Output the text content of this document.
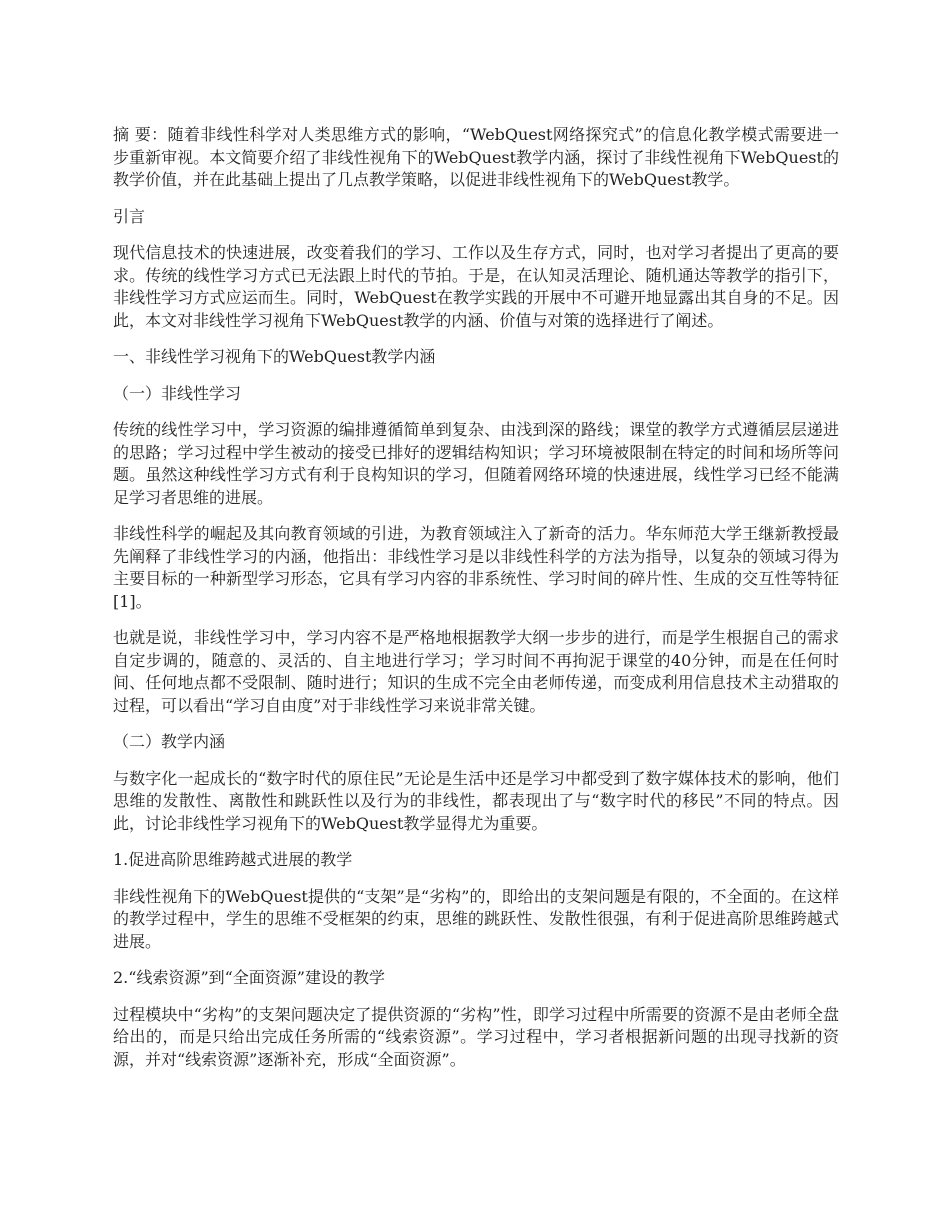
摘 要：随着非线性科学对人类思维方式的影响，“WebQuest网络探究式”的信息化教学模式需要进一步重新审视。本文简要介绍了非线性视角下的WebQuest教学内涵，探讨了非线性视角下WebQuest的教学价值，并在此基础上提出了几点教学策略，以促进非线性视角下的WebQuest教学。

引言

现代信息技术的快速进展，改变着我们的学习、工作以及生存方式，同时，也对学习者提出了更高的要求。传统的线性学习方式已无法跟上时代的节拍。于是，在认知灵活理论、随机通达等教学的指引下，非线性学习方式应运而生。同时，WebQuest在教学实践的开展中不可避开地显露出其自身的不足。因此，本文对非线性学习视角下WebQuest教学的内涵、价值与对策的选择进行了阐述。

一、非线性学习视角下的WebQuest教学内涵

（一）非线性学习

传统的线性学习中，学习资源的编排遵循简单到复杂、由浅到深的路线；课堂的教学方式遵循层层递进的思路；学习过程中学生被动的接受已排好的逻辑结构知识；学习环境被限制在特定的时间和场所等问题。虽然这种线性学习方式有利于良构知识的学习，但随着网络环境的快速进展，线性学习已经不能满足学习者思维的进展。

非线性科学的崛起及其向教育领域的引进，为教育领域注入了新奇的活力。华东师范大学王继新教授最先阐释了非线性学习的内涵，他指出：非线性学习是以非线性科学的方法为指导，以复杂的领域习得为主要目标的一种新型学习形态，它具有学习内容的非系统性、学习时间的碎片性、生成的交互性等特征[1]。

也就是说，非线性学习中，学习内容不是严格地根据教学大纲一步步的进行，而是学生根据自己的需求自定步调的，随意的、灵活的、自主地进行学习；学习时间不再拘泥于课堂的40分钟，而是在任何时间、任何地点都不受限制、随时进行；知识的生成不完全由老师传递，而变成利用信息技术主动猎取的过程，可以看出“学习自由度”对于非线性学习来说非常关键。

（二）教学内涵

与数字化一起成长的“数字时代的原住民”无论是生活中还是学习中都受到了数字媒体技术的影响，他们思维的发散性、离散性和跳跃性以及行为的非线性，都表现出了与“数字时代的移民”不同的特点。因此，讨论非线性学习视角下的WebQuest教学显得尤为重要。

1.促进高阶思维跨越式进展的教学

非线性视角下的WebQuest提供的“支架”是“劣构”的，即给出的支架问题是有限的，不全面的。在这样的教学过程中，学生的思维不受框架的约束，思维的跳跃性、发散性很强，有利于促进高阶思维跨越式进展。

2.“线索资源”到“全面资源”建设的教学

过程模块中“劣构”的支架问题决定了提供资源的“劣构”性，即学习过程中所需要的资源不是由老师全盘给出的，而是只给出完成任务所需的“线索资源”。学习过程中，学习者根据新问题的出现寻找新的资源，并对“线索资源”逐渐补充，形成“全面资源”。
